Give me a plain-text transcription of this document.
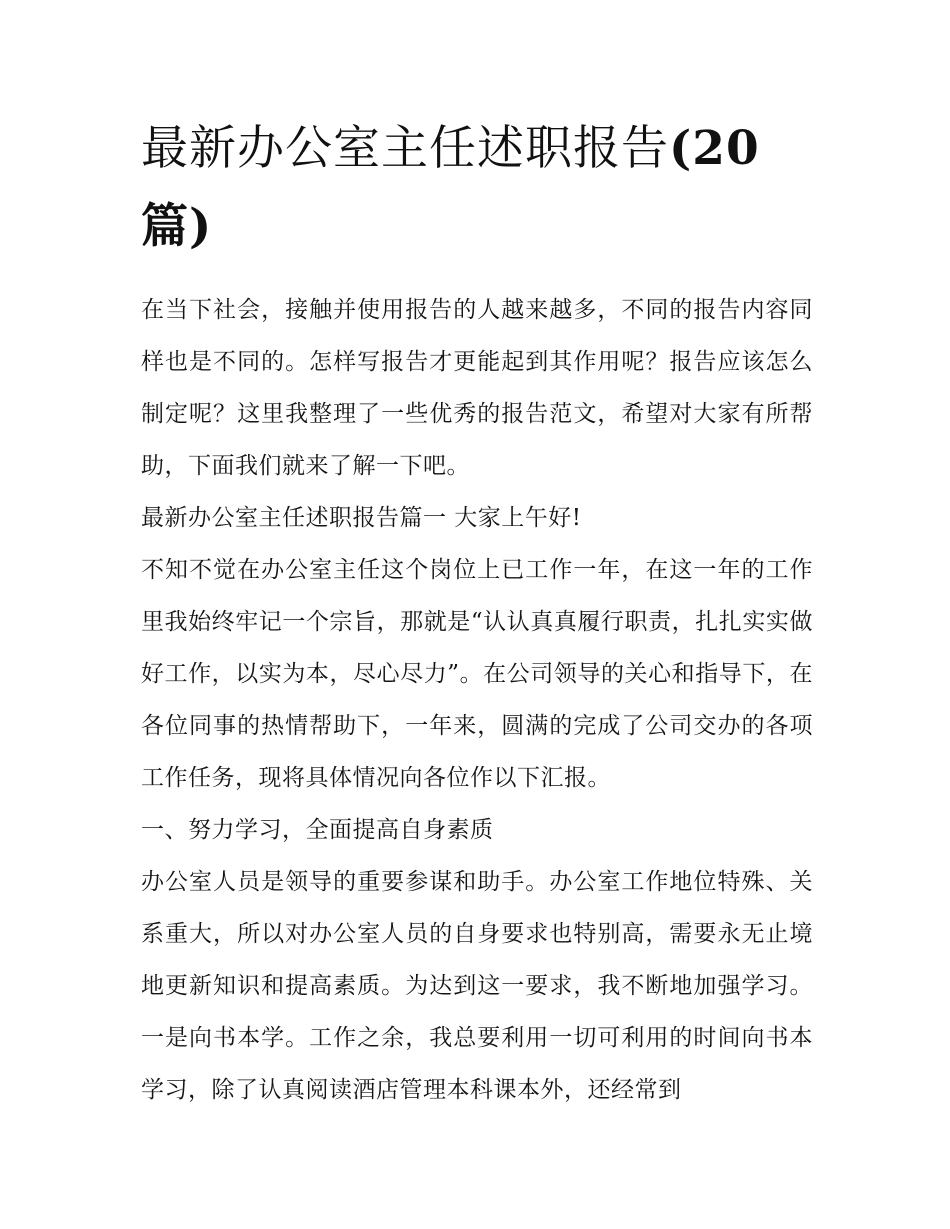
最新办公室主任述职报告(20篇)

在当下社会，接触并使用报告的人越来越多，不同的报告内容同样也是不同的。怎样写报告才更能起到其作用呢？报告应该怎么制定呢？这里我整理了一些优秀的报告范文，希望对大家有所帮助，下面我们就来了解一下吧。

最新办公室主任述职报告篇一 大家上午好!

不知不觉在办公室主任这个岗位上已工作一年，在这一年的工作里我始终牢记一个宗旨，那就是“认认真真履行职责，扎扎实实做好工作，以实为本，尽心尽力”。在公司领导的关心和指导下，在各位同事的热情帮助下，一年来，圆满的完成了公司交办的各项工作任务，现将具体情况向各位作以下汇报。

一、努力学习，全面提高自身素质

办公室人员是领导的重要参谋和助手。办公室工作地位特殊、关系重大，所以对办公室人员的自身要求也特别高，需要永无止境地更新知识和提高素质。为达到这一要求，我不断地加强学习。一是向书本学。工作之余，我总要利用一切可利用的时间向书本学习，除了认真阅读酒店管理本科课本外，还经常到
